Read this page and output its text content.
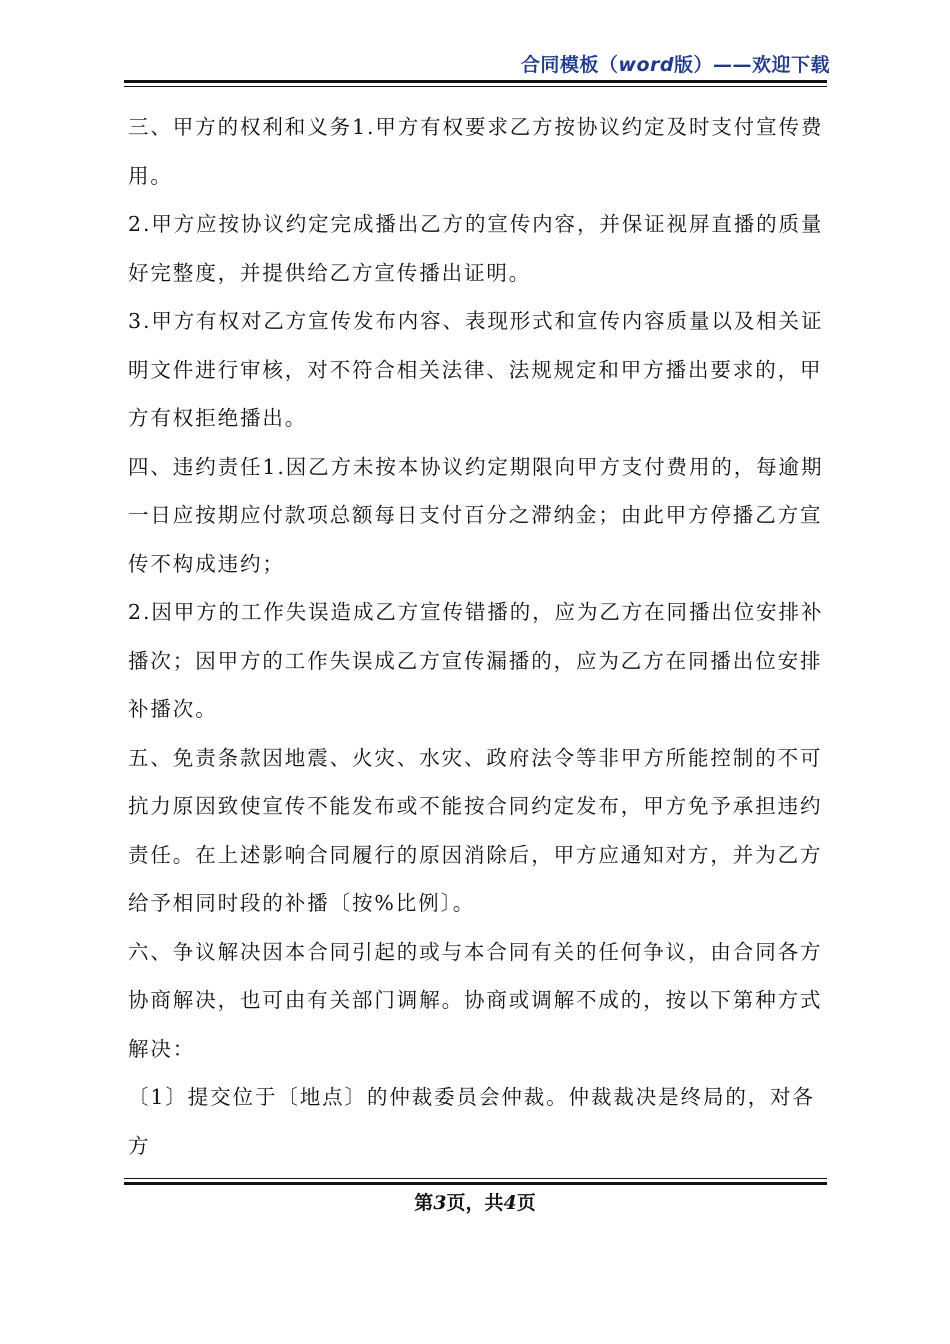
合同模板（word版）——欢迎下载

三、甲方的权利和义务1.甲方有权要求乙方按协议约定及时支付宣传费用。

2.甲方应按协议约定完成播出乙方的宣传内容，并保证视屏直播的质量好完整度，并提供给乙方宣传播出证明。

3.甲方有权对乙方宣传发布内容、表现形式和宣传内容质量以及相关证明文件进行审核，对不符合相关法律、法规规定和甲方播出要求的，甲方有权拒绝播出。

四、违约责任1.因乙方未按本协议约定期限向甲方支付费用的，每逾期一日应按期应付款项总额每日支付百分之滞纳金；由此甲方停播乙方宣传不构成违约；

2.因甲方的工作失误造成乙方宣传错播的，应为乙方在同播出位安排补播次；因甲方的工作失误成乙方宣传漏播的，应为乙方在同播出位安排补播次。

五、免责条款因地震、火灾、水灾、政府法令等非甲方所能控制的不可抗力原因致使宣传不能发布或不能按合同约定发布，甲方免予承担违约责任。在上述影响合同履行的原因消除后，甲方应通知对方，并为乙方给予相同时段的补播〔按%比例〕。

六、争议解决因本合同引起的或与本合同有关的任何争议，由合同各方协商解决，也可由有关部门调解。协商或调解不成的，按以下第种方式解决：

〔1〕提交位于〔地点〕的仲裁委员会仲裁。仲裁裁决是终局的，对各方

第3页，共4页
